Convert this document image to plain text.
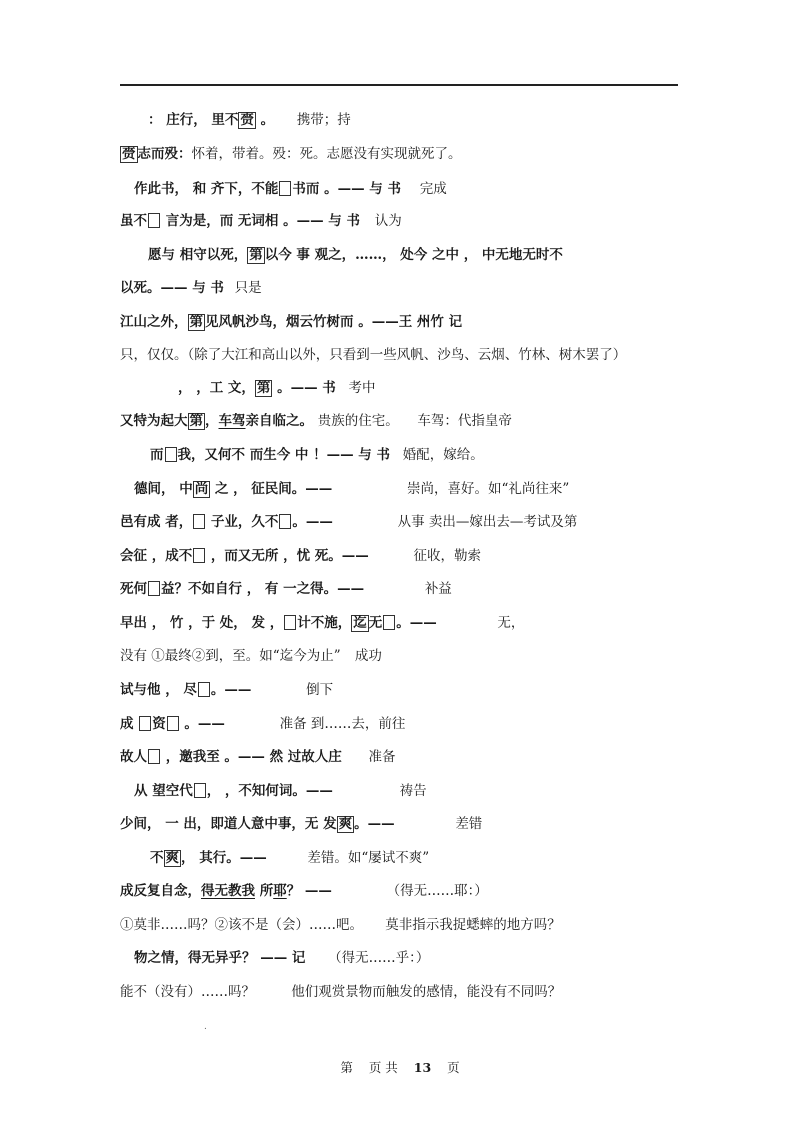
： 庄行， 里不 赍 。 携带；持
赍 志而殁：怀着，带着。殁：死。志愿没有实现就死了。
作此书， 和 齐下，不能 书而 。—— 与 书 完成
虽不 言为是，而 无词相 。—— 与 书 认为
愿与 相守以死， 第 以今 事 观之，……， 处今 之中 ， 中无地无时不
以死。—— 与 书 只是
江山之外， 第 见风帆沙鸟，烟云竹树而 。——王 州竹 记
只，仅仅。（除了大江和高山以外，只看到一些风帆、沙鸟、云烟、竹林、树木罢了）
， ，工 文， 第 。—— 书 考中
又特为起大 第 ，车驾亲自临之。 贵族的住宅。 车驾：代指皇帝
而 我，又何不 而生今 中 ！—— 与 书 婚配，嫁给。
德间， 中 尚 之 ， 征民间。——	崇尚，喜好。如“礼尚往来”
邑有成 者， 子业，久不 。——	从事 卖出—嫁出去—考试及第
会征 ，成不 ，而又无所 ，忧 死。——	征收，勒索
死何 益？不如自行 ， 有 一之得。——	补益
早出 ， 竹 ，于 处， 发 ， 计不施， 迄 无 。——	无，
没有 ①最终②到，至。如“迄今为止” 成功
试与他 ， 尽 。——	倒下
成 资 。——	准备 到……去，前往
故人 ，邀我至 。—— 然 过故人庄 准备
从 望空代 ， ，不知何词。——	祷告
少间， 一 出，即道人意中事，无 发 爽 。——	差错
不 爽 ， 其行。——	差错。如“屡试不爽”
成反复自念，得无教我 所耶？ ——	（得无……耶：）
①莫非……吗？②该不是（会）……吧。 莫非指示我捉蟋蟀的地方吗？
物之情，得无异乎？ —— 记 （得无……乎：）
能不（没有）……吗？	他们观赏景物而触发的感情，能没有不同吗？
.
第 页 共 13 页
